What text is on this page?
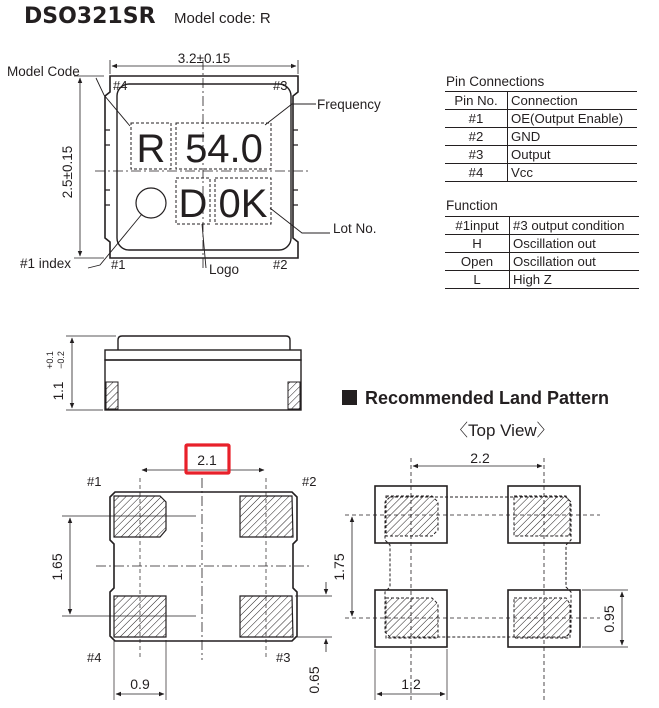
DSO321SR Model code: R
Model Code
Frequency
Lot No.
#1 index	Logo
#4	#3
#1	#2
3.2±0.15
2.5±0.15 R 54.0
D 0K
1.1
+0.1 −0.2
2.1
1.65
0.9	0.65
#1	#2
#4	#3
2.2
1.75
0.95
1.2
Pin Connections
Pin No.	Connection
#1	OE(Output Enable)
#2	GND
#3	Output
#4	Vcc
Function
#1input	#3 output condition
H	Oscillation out
Open	Oscillation out
L	High Z
Recommended Land Pattern
〈Top View〉
